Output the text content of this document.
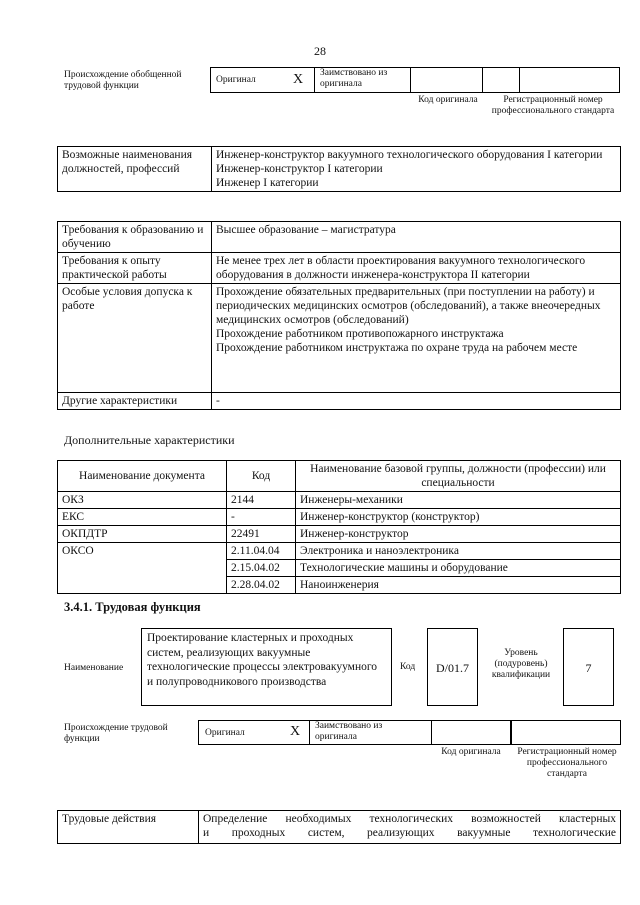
28
Происхождение обобщенной трудовой функции
Оригинал	X Заимствовано из оригинала
Код оригинала	Регистрационный номер профессионального стандарта
Возможные наименования должностей, профессий	
Инженер-конструктор вакуумного технологического оборудования I категории
Инженер-конструктор I категории
Инженер I категории
Требования к образованию и обучению	Высшее образование – магистратура
Требования к опыту практической работы	Не менее трех лет в области проектирования вакуумного технологического оборудования в должности инженера-конструктора II категории
Особые условия допуска к работе	Прохождение обязательных предварительных (при поступлении на работу) и периодических медицинских осмотров (обследований), а также внеочередных медицинских осмотров (обследований)
Прохождение работником противопожарного инструктажа
Прохождение работником инструктажа по охране труда на рабочем месте

Другие характеристики	-
Дополнительные характеристики
Наименование документа	Код	Наименование базовой группы, должности (профессии) или специальности
ОКЗ	2144	Инженеры-механики
ЕКС	-	Инженер-конструктор (конструктор)
ОКПДТР	22491	Инженер-конструктор
ОКСО	2.11.04.04	Электроника и наноэлектроника
	2.15.04.02	Технологические машины и оборудование
	2.28.04.02	Наноинженерия
3.4.1. Трудовая функция
Наименование
Проектирование кластерных и проходных систем, реализующих вакуумные технологические процессы электровакуумного и полупроводникового производства
Код	D/01.7
Уровень (подуровень) квалификации	7
Происхождение трудовой функции
Оригинал	X Заимствовано из оригинала
Код оригинала	Регистрационный номер профессионального стандарта
Трудовые действия	Определение необходимых технологических возможностей кластерных
и проходных систем, реализующих вакуумные технологические
